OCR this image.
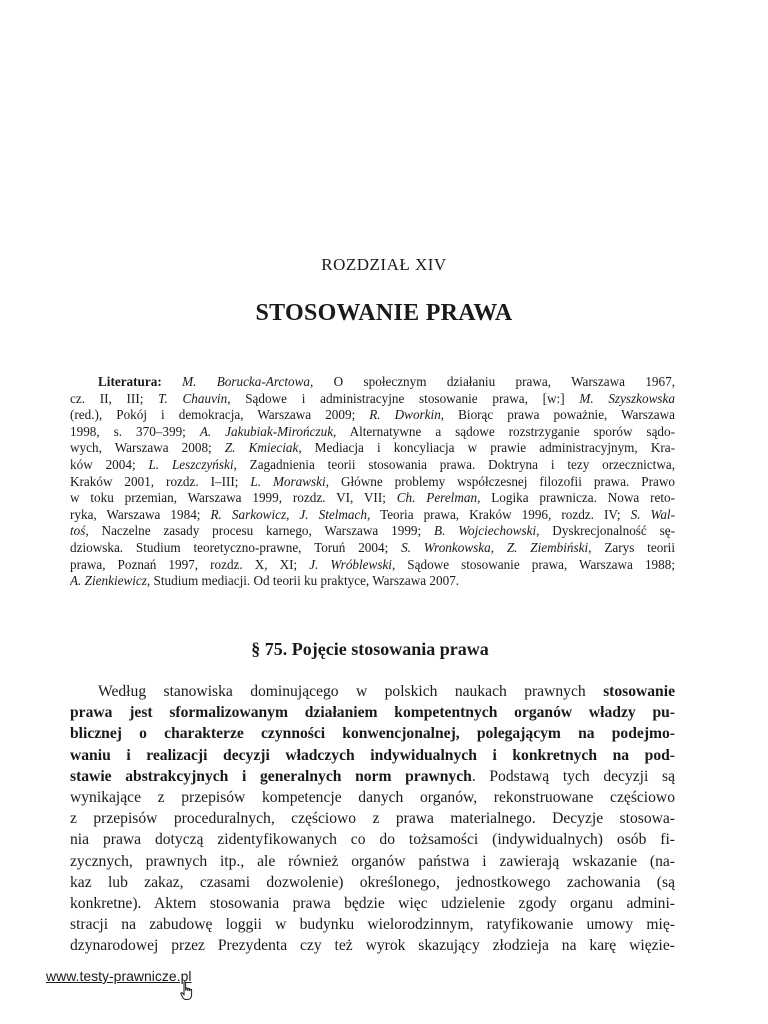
ROZDZIAŁ XIV
STOSOWANIE PRAWA
Literatura: M. Borucka-Arctowa, O społecznym działaniu prawa, Warszawa 1967,
cz. II, III; T. Chauvin, Sądowe i administracyjne stosowanie prawa, [w:] M. Szyszkowska
(red.), Pokój i demokracja, Warszawa 2009; R. Dworkin, Biorąc prawa poważnie, Warszawa
1998, s. 370–399; A. Jakubiak-Mirończuk, Alternatywne a sądowe rozstrzyganie sporów sądo-
wych, Warszawa 2008; Z. Kmieciak, Mediacja i koncyliacja w prawie administracyjnym, Kra-
ków 2004; L. Leszczyński, Zagadnienia teorii stosowania prawa. Doktryna i tezy orzecznictwa,
Kraków 2001, rozdz. I–III; L. Morawski, Główne problemy współczesnej filozofii prawa. Prawo
w toku przemian, Warszawa 1999, rozdz. VI, VII; Ch. Perelman, Logika prawnicza. Nowa reto-
ryka, Warszawa 1984; R. Sarkowicz, J. Stelmach, Teoria prawa, Kraków 1996, rozdz. IV; S. Wal-
toś, Naczelne zasady procesu karnego, Warszawa 1999; B. Wojciechowski, Dyskrecjonalność sę-
dziowska. Studium teoretyczno-prawne, Toruń 2004; S. Wronkowska, Z. Ziembiński, Zarys teorii
prawa, Poznań 1997, rozdz. X, XI; J. Wróblewski, Sądowe stosowanie prawa, Warszawa 1988;
A. Zienkiewicz, Studium mediacji. Od teorii ku praktyce, Warszawa 2007.
§ 75. Pojęcie stosowania prawa
Według stanowiska dominującego w polskich naukach prawnych stosowanie
prawa jest sformalizowanym działaniem kompetentnych organów władzy pu-
blicznej o charakterze czynności konwencjonalnej, polegającym na podejmo-
waniu i realizacji decyzji władczych indywidualnych i konkretnych na pod-
stawie abstrakcyjnych i generalnych norm prawnych. Podstawą tych decyzji są
wynikające z przepisów kompetencje danych organów, rekonstruowane częściowo
z przepisów proceduralnych, częściowo z prawa materialnego. Decyzje stosowa-
nia prawa dotyczą zidentyfikowanych co do tożsamości (indywidualnych) osób fi-
zycznych, prawnych itp., ale również organów państwa i zawierają wskazanie (na-
kaz lub zakaz, czasami dozwolenie) określonego, jednostkowego zachowania (są
konkretne). Aktem stosowania prawa będzie więc udzielenie zgody organu admini-
stracji na zabudowę loggii w budynku wielorodzinnym, ratyfikowanie umowy mię-
dzynarodowej przez Prezydenta czy też wyrok skazujący złodzieja na karę więzie-
www.testy-prawnicze.pl
